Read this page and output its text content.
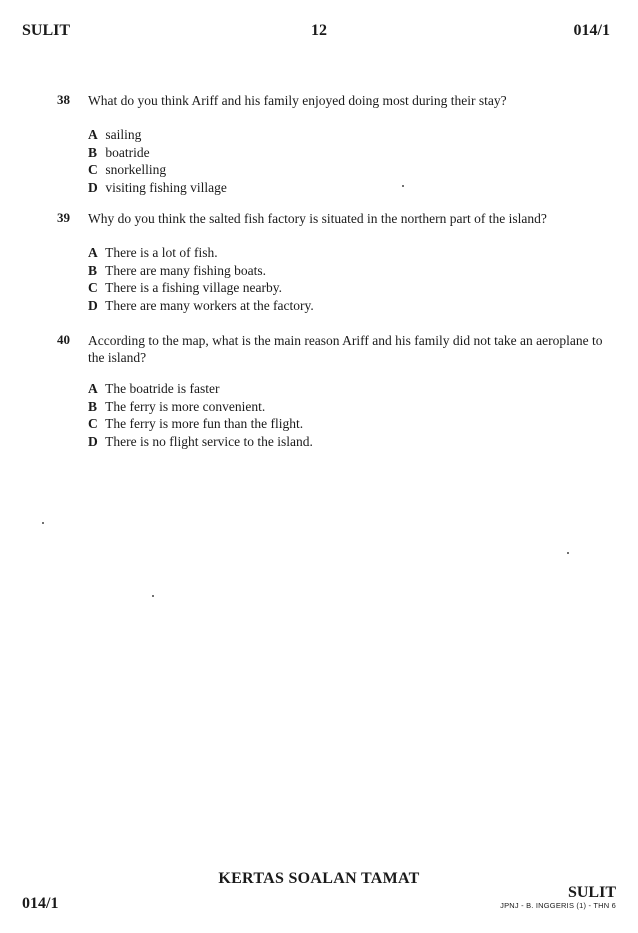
SULIT	12	014/1
38 What do you think Ariff and his family enjoyed doing most during their stay?
A sailing
B boatride
C snorkelling
D visiting fishing village
39 Why do you think the salted fish factory is situated in the northern part of the island?
A There is a lot of fish.
B There are many fishing boats.
C There is a fishing village nearby.
D There are many workers at the factory.
40 According to the map, what is the main reason Ariff and his family did not take an aeroplane to the island?
A The boatride is faster
B The ferry is more convenient.
C The ferry is more fun than the flight.
D There is no flight service to the island.
KERTAS SOALAN TAMAT
014/1
SULIT
JPNJ - B. INGGERIS (1) - THN 6
